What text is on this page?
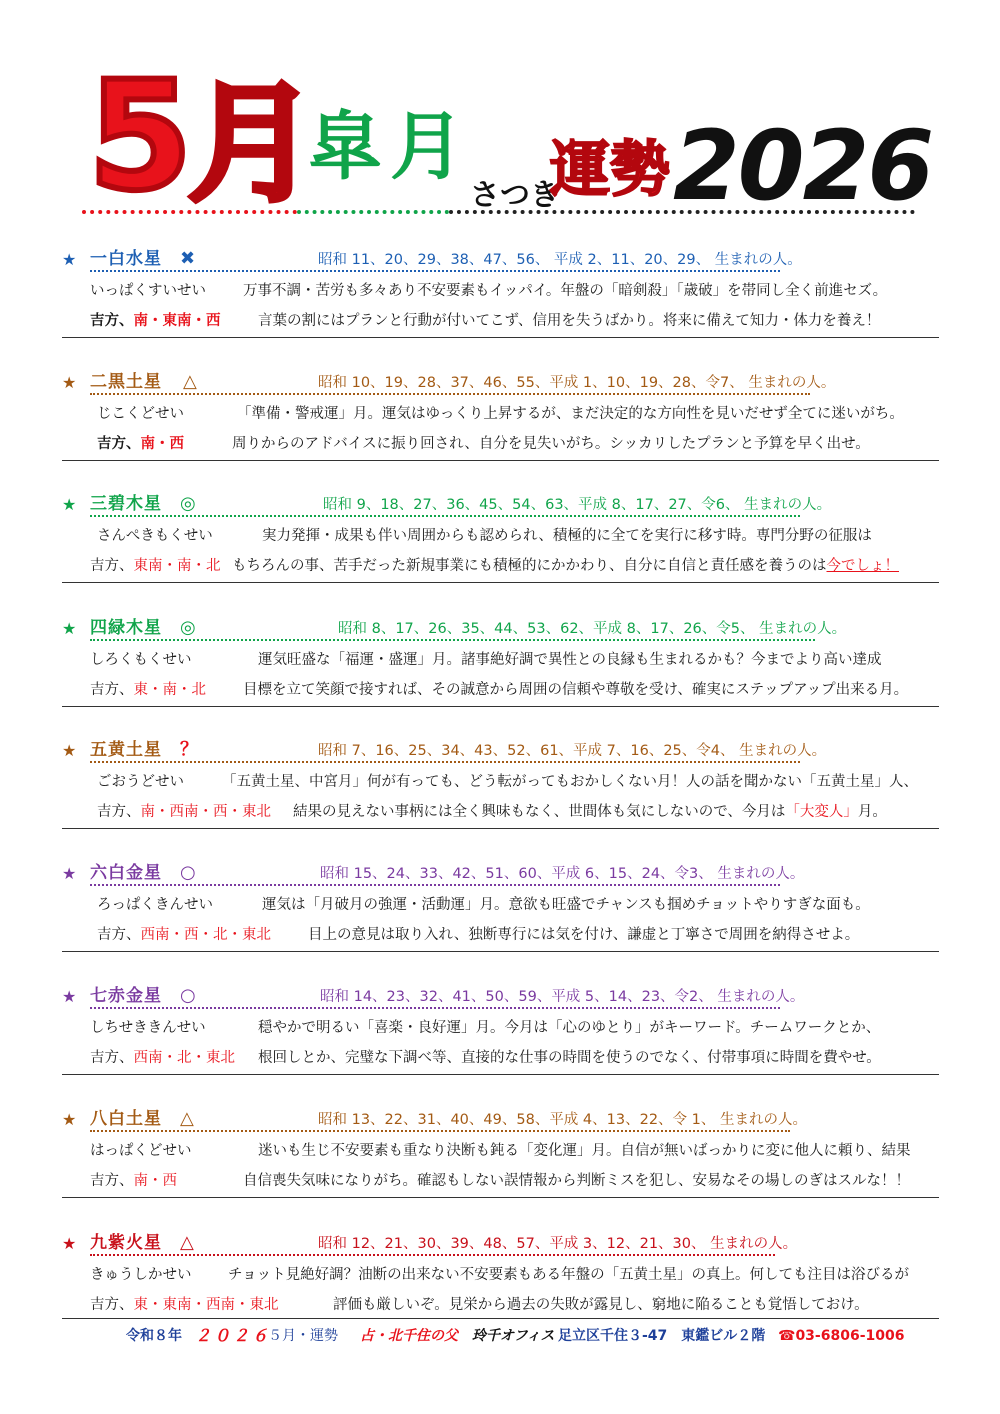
5月
皐月
さつき
運勢 2026
★ 一白水星 ✖	昭和 11、20、29、38、47、56、 平成 2、11、20、29、 生まれの人。
いっぱくすいせい	万事不調・苦労も多々あり不安要素もイッパイ。年盤の「暗剣殺」「歳破」を帯同し全く前進セズ。
吉方、南・東南・西	言葉の割にはプランと行動が付いてこず、信用を失うばかり。将来に備えて知力・体力を養え！
★ 二黒土星 △	昭和 10、19、28、37、46、55、平成 1、10、19、28、令7、 生まれの人。
じこくどせい	「準備・警戒運」月。運気はゆっくり上昇するが、まだ決定的な方向性を見いだせず全てに迷いがち。
吉方、南・西	周りからのアドバイスに振り回され、自分を見失いがち。シッカリしたプランと予算を早く出せ。
★ 三碧木星 ◎	昭和 9、18、27、36、45、54、63、平成 8、17、27、令6、 生まれの人。
さんぺきもくせい	実力発揮・成果も伴い周囲からも認められ、積極的に全てを実行に移す時。専門分野の征服は
吉方、東南・南・北 もちろんの事、苦手だった新規事業にも積極的にかかわり、自分に自信と責任感を養うのは今でしょ！
★ 四緑木星 ◎	昭和 8、17、26、35、44、53、62、平成 8、17、26、令5、 生まれの人。
しろくもくせい	運気旺盛な「福運・盛運」月。諸事絶好調で異性との良縁も生まれるかも？今までより高い達成
吉方、東・南・北	目標を立て笑顔で接すれば、その誠意から周囲の信頼や尊敬を受け、確実にステップアップ出来る月。
★ 五黄土星 ？	昭和 7、16、25、34、43、52、61、平成 7、16、25、令4、 生まれの人。
ごおうどせい	「五黄土星、中宮月」何が有っても、どう転がってもおかしくない月！人の話を聞かない「五黄土星」人、
吉方、南・西南・西・東北 結果の見えない事柄には全く興味もなく、世間体も気にしないので、今月は「大変人」月。
★ 六白金星 ○	昭和 15、24、33、42、51、60、平成 6、15、24、令3、 生まれの人。
ろっぱくきんせい	運気は「月破月の強運・活動運」月。意欲も旺盛でチャンスも掴めチョットやりすぎな面も。
吉方、西南・西・北・東北	目上の意見は取り入れ、独断専行には気を付け、謙虚と丁寧さで周囲を納得させよ。
★ 七赤金星 ○	昭和 14、23、32、41、50、59、平成 5、14、23、令2、 生まれの人。
しちせききんせい	穏やかで明るい「喜楽・良好運」月。今月は「心のゆとり」がキーワード。チームワークとか、
吉方、西南・北・東北 根回しとか、完璧な下調べ等、直接的な仕事の時間を使うのでなく、付帯事項に時間を費やせ。
★ 八白土星 △	昭和 13、22、31、40、49、58、平成 4、13、22、令 1、 生まれの人。
はっぱくどせい	迷いも生じ不安要素も重なり決断も鈍る「変化運」月。自信が無いばっかりに変に他人に頼り、結果
吉方、南・西	自信喪失気味になりがち。確認もしない誤情報から判断ミスを犯し、安易なその場しのぎはスルな！！
★ 九紫火星 △	昭和 12、21、30、39、48、57、平成 3、12、21、30、 生まれの人。
きゅうしかせい	チョット見絶好調？油断の出来ない不安要素もある年盤の「五黄土星」の真上。何しても注目は浴びるが
吉方、東・東南・西南・東北	評価も厳しいぞ。見栄から過去の失敗が露見し、窮地に陥ることも覚悟しておけ。
令和８年 ２０２６
５月・運勢 占・北千住の父 玲千オフィス 足立区千住３-47　東鑑ビル２階 ☎03-6806-1006
